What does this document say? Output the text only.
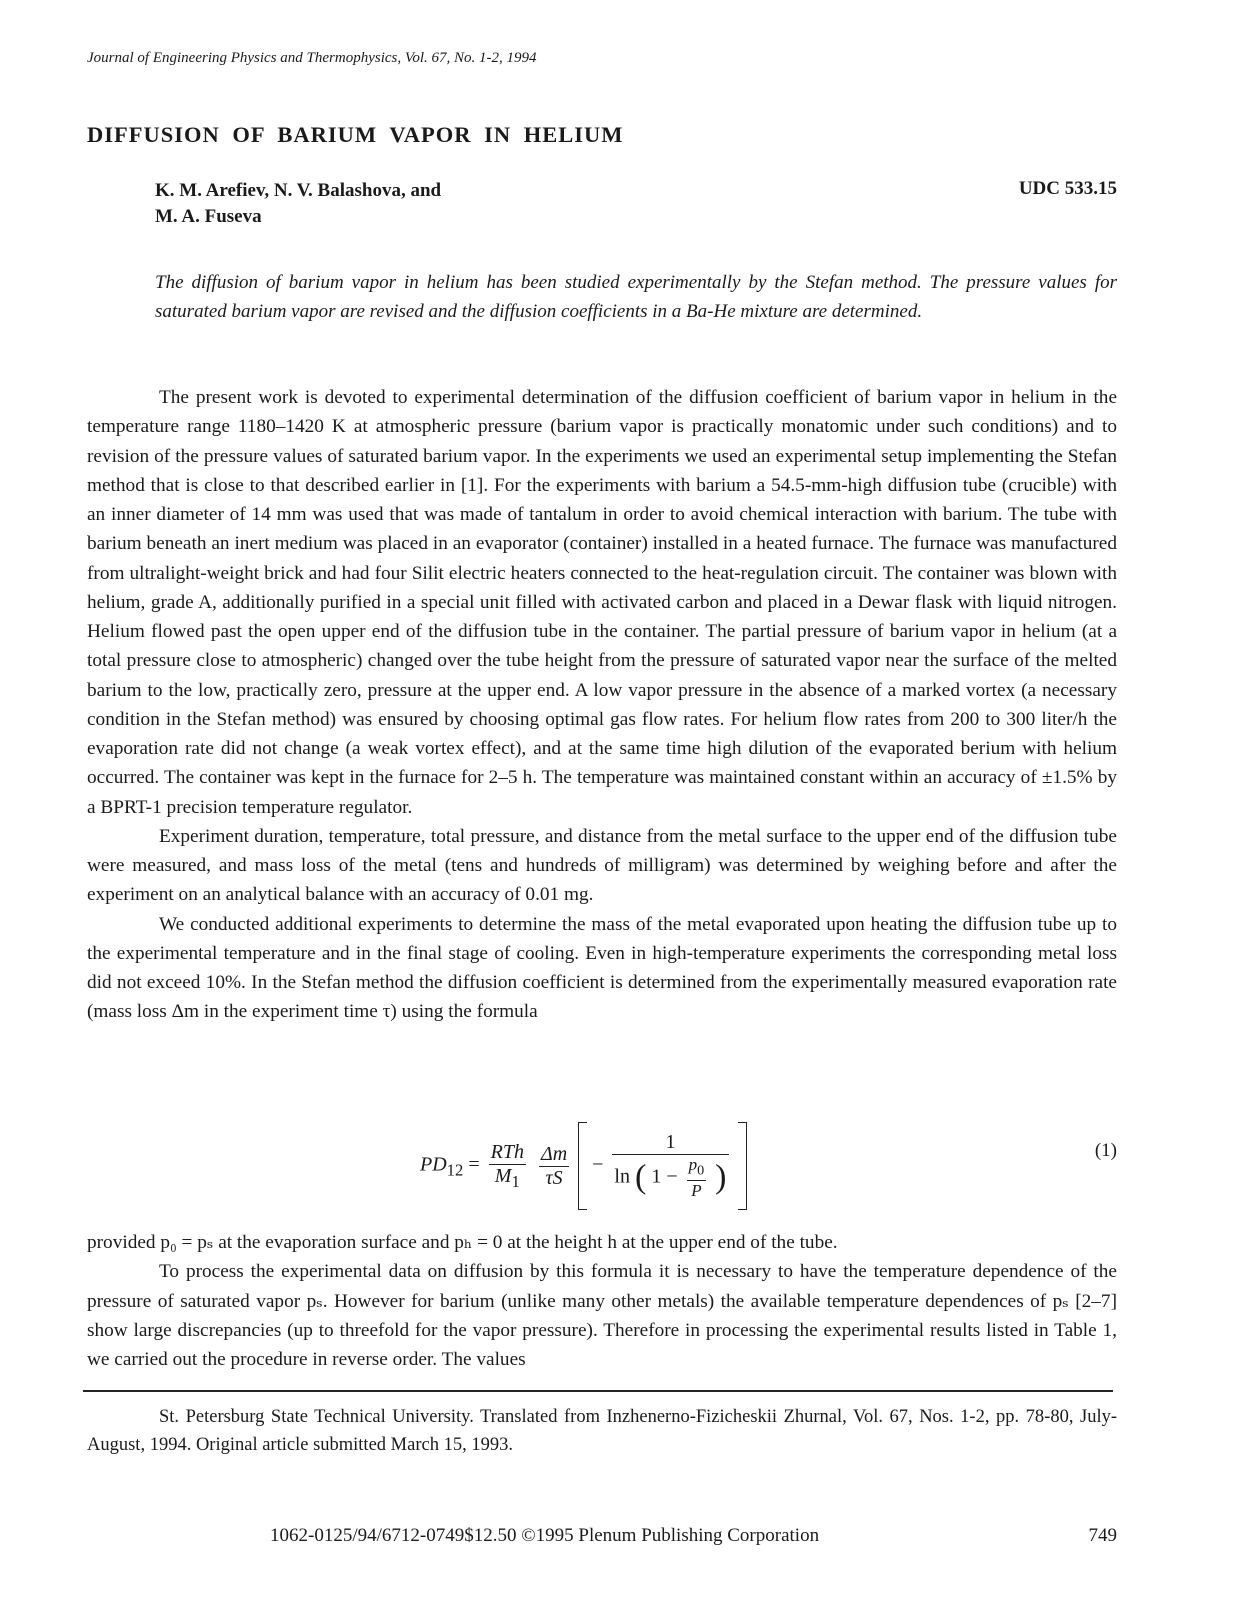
Journal of Engineering Physics and Thermophysics, Vol. 67, No. 1-2, 1994
DIFFUSION OF BARIUM VAPOR IN HELIUM
K. M. Arefiev, N. V. Balashova, and
M. A. Fuseva
UDC 533.15
The diffusion of barium vapor in helium has been studied experimentally by the Stefan method. The pressure values for saturated barium vapor are revised and the diffusion coefficients in a Ba-He mixture are determined.

The present work is devoted to experimental determination of the diffusion coefficient of barium vapor in helium in the temperature range 1180–1420 K at atmospheric pressure (barium vapor is practically monatomic under such conditions) and to revision of the pressure values of saturated barium vapor. In the experiments we used an experimental setup implementing the Stefan method that is close to that described earlier in [1]. For the experiments with barium a 54.5-mm-high diffusion tube (crucible) with an inner diameter of 14 mm was used that was made of tantalum in order to avoid chemical interaction with barium. The tube with barium beneath an inert medium was placed in an evaporator (container) installed in a heated furnace. The furnace was manufactured from ultralight-weight brick and had four Silit electric heaters connected to the heat-regulation circuit. The container was blown with helium, grade A, additionally purified in a special unit filled with activated carbon and placed in a Dewar flask with liquid nitrogen. Helium flowed past the open upper end of the diffusion tube in the container. The partial pressure of barium vapor in helium (at a total pressure close to atmospheric) changed over the tube height from the pressure of saturated vapor near the surface of the melted barium to the low, practically zero, pressure at the upper end. A low vapor pressure in the absence of a marked vortex (a necessary condition in the Stefan method) was ensured by choosing optimal gas flow rates. For helium flow rates from 200 to 300 liter/h the evaporation rate did not change (a weak vortex effect), and at the same time high dilution of the evaporated berium with helium occurred. The container was kept in the furnace for 2–5 h. The temperature was maintained constant within an accuracy of ±1.5% by a BPRT-1 precision temperature regulator.

Experiment duration, temperature, total pressure, and distance from the metal surface to the upper end of the diffusion tube were measured, and mass loss of the metal (tens and hundreds of milligram) was determined by weighing before and after the experiment on an analytical balance with an accuracy of 0.01 mg.

We conducted additional experiments to determine the mass of the metal evaporated upon heating the diffusion tube up to the experimental temperature and in the final stage of cooling. Even in high-temperature experiments the corresponding metal loss did not exceed 10%. In the Stefan method the diffusion coefficient is determined from the experimentally measured evaporation rate (mass loss Δm in the experiment time τ) using the formula

$PD_{12} = \frac{\text{RTh}}{M_1}$
$\frac{\Delta m}{\tau S}$ −
1
ln ( $1 - \frac{p_0}{P}$ )

(1)

provided p₀ = pₛ at the evaporation surface and pₕ = 0 at the height h at the upper end of the tube.

To process the experimental data on diffusion by this formula it is necessary to have the temperature dependence of the pressure of saturated vapor pₛ. However for barium (unlike many other metals) the available temperature dependences of pₛ [2–7] show large discrepancies (up to threefold for the vapor pressure). Therefore in processing the experimental results listed in Table 1, we carried out the procedure in reverse order. The values

St. Petersburg State Technical University. Translated from Inzhenerno-Fizicheskii Zhurnal, Vol. 67, Nos. 1-2, pp. 78-80, July-August, 1994. Original article submitted March 15, 1993.
1062-0125/94/6712-0749$12.50 ©1995 Plenum Publishing Corporation	749
